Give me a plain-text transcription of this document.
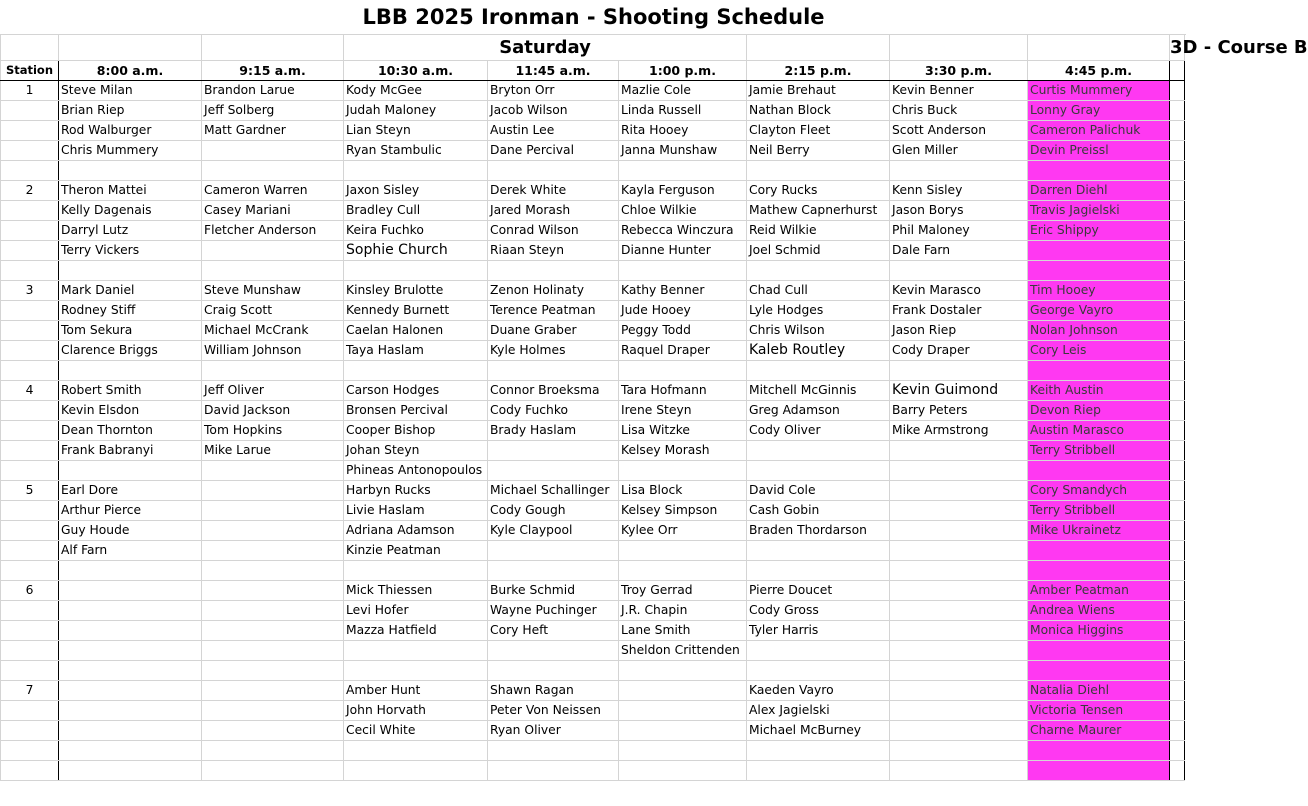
LBB 2025 Ironman - Shooting Schedule									
			Saturday						3D - Course B
Station	8:00 a.m.	9:15 a.m.	10:30 a.m.	11:45 a.m.	1:00 p.m.	2:15 p.m.	3:30 p.m.	4:45 p.m.	
1	Steve Milan	Brandon Larue	Kody McGee	Bryton Orr	Mazlie Cole	Jamie Brehaut	Kevin Benner	Curtis Mummery	
	Brian Riep	Jeff Solberg	Judah Maloney	Jacob Wilson	Linda Russell	Nathan Block	Chris Buck	Lonny Gray	
	Rod Walburger	Matt Gardner	Lian Steyn	Austin Lee	Rita Hooey	Clayton Fleet	Scott Anderson	Cameron Palichuk	
	Chris Mummery		Ryan Stambulic	Dane Percival	Janna Munshaw	Neil Berry	Glen Miller	Devin Preissl	

2	Theron Mattei	Cameron Warren	Jaxon Sisley	Derek White	Kayla Ferguson	Cory Rucks	Kenn Sisley	Darren Diehl	
	Kelly Dagenais	Casey Mariani	Bradley Cull	Jared Morash	Chloe Wilkie	Mathew Capnerhurst	Jason Borys	Travis Jagielski	
	Darryl Lutz	Fletcher Anderson	Keira Fuchko	Conrad Wilson	Rebecca Winczura	Reid Wilkie	Phil Maloney	Eric Shippy	
	Terry Vickers		Sophie Church	Riaan Steyn	Dianne Hunter	Joel Schmid	Dale Farn		

3	Mark Daniel	Steve Munshaw	Kinsley Brulotte	Zenon Holinaty	Kathy Benner	Chad Cull	Kevin Marasco	Tim Hooey	
	Rodney Stiff	Craig Scott	Kennedy Burnett	Terence Peatman	Jude Hooey	Lyle Hodges	Frank Dostaler	George Vayro	
	Tom Sekura	Michael McCrank	Caelan Halonen	Duane Graber	Peggy Todd	Chris Wilson	Jason Riep	Nolan Johnson	
	Clarence Briggs	William Johnson	Taya Haslam	Kyle Holmes	Raquel Draper	Kaleb Routley	Cody Draper	Cory Leis	

4	Robert Smith	Jeff Oliver	Carson Hodges	Connor Broeksma	Tara Hofmann	Mitchell McGinnis	Kevin Guimond	Keith Austin	
	Kevin Elsdon	David Jackson	Bronsen Percival	Cody Fuchko	Irene Steyn	Greg Adamson	Barry Peters	Devon Riep	
	Dean Thornton	Tom Hopkins	Cooper Bishop	Brady Haslam	Lisa Witzke	Cody Oliver	Mike Armstrong	Austin Marasco	
	Frank Babranyi	Mike Larue	Johan Steyn		Kelsey Morash			Terry Stribbell	
			Phineas Antonopoulos						
5	Earl Dore		Harbyn Rucks	Michael Schallinger	Lisa Block	David Cole		Cory Smandych	
	Arthur Pierce		Livie Haslam	Cody Gough	Kelsey Simpson	Cash Gobin		Terry Stribbell	
	Guy Houde		Adriana Adamson	Kyle Claypool	Kylee Orr	Braden Thordarson		Mike Ukrainetz	
	Alf Farn		Kinzie Peatman						

6			Mick Thiessen	Burke Schmid	Troy Gerrad	Pierre Doucet		Amber Peatman	
			Levi Hofer	Wayne Puchinger	J.R. Chapin	Cody Gross		Andrea Wiens	
			Mazza Hatfield	Cory Heft	Lane Smith	Tyler Harris		Monica Higgins	
					Sheldon Crittenden				

7			Amber Hunt	Shawn Ragan		Kaeden Vayro		Natalia Diehl	
			John Horvath	Peter Von Neissen		Alex Jagielski		Victoria Tensen	
			Cecil White	Ryan Oliver		Michael McBurney		Charne Maurer	
